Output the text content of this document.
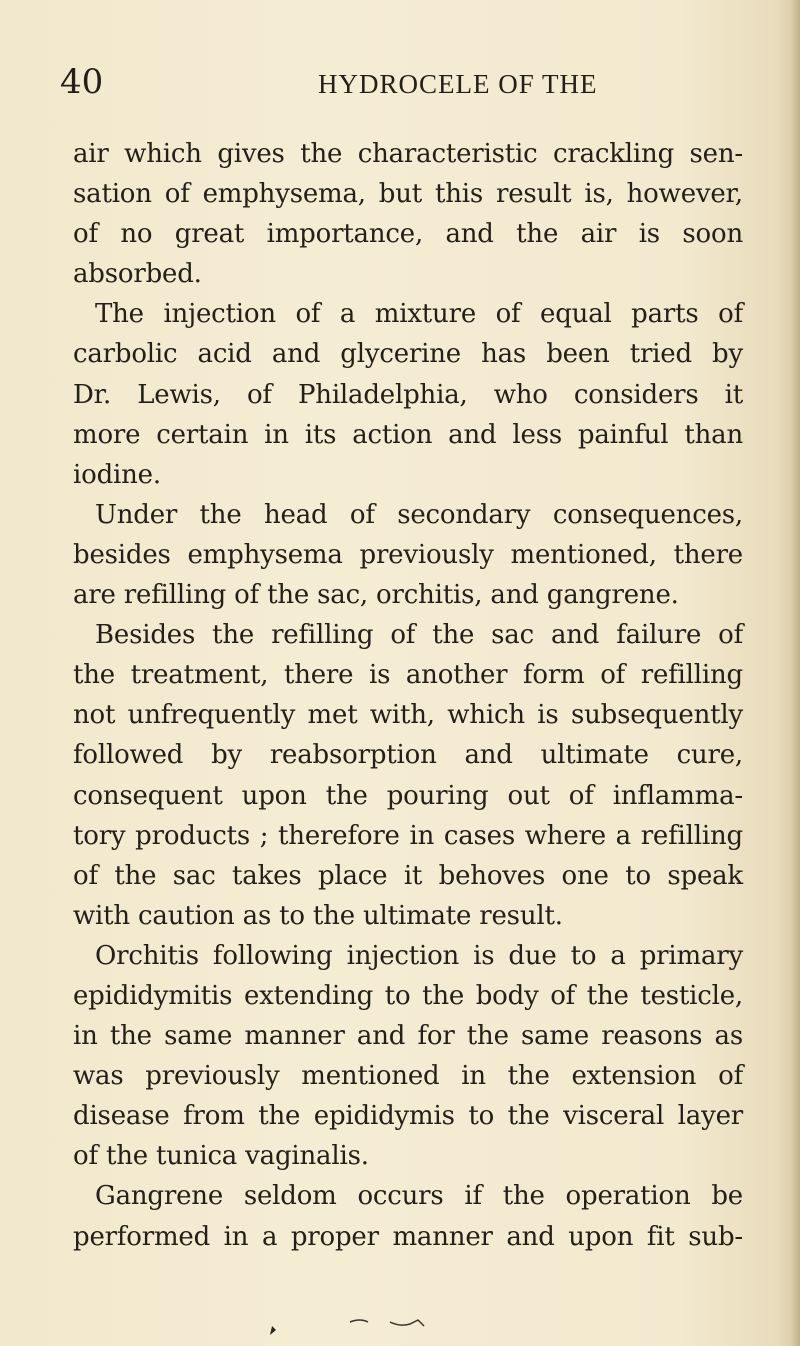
40	HYDROCELE OF THE
air which gives the characteristic crackling sen-
sation of emphysema, but this result is, however,
of no great importance, and the air is soon
absorbed.
The injection of a mixture of equal parts of
carbolic acid and glycerine has been tried by
Dr. Lewis, of Philadelphia, who considers it
more certain in its action and less painful than
iodine.
Under the head of secondary consequences,
besides emphysema previously mentioned, there
are refilling of the sac, orchitis, and gangrene.
Besides the refilling of the sac and failure of
the treatment, there is another form of refilling
not unfrequently met with, which is subsequently
followed by reabsorption and ultimate cure,
consequent upon the pouring out of inflamma-
tory products ; therefore in cases where a refilling
of the sac takes place it behoves one to speak
with caution as to the ultimate result.
Orchitis following injection is due to a primary
epididymitis extending to the body of the testicle,
in the same manner and for the same reasons as
was previously mentioned in the extension of
disease from the epididymis to the visceral layer
of the tunica vaginalis.
Gangrene seldom occurs if the operation be
performed in a proper manner and upon fit sub-
